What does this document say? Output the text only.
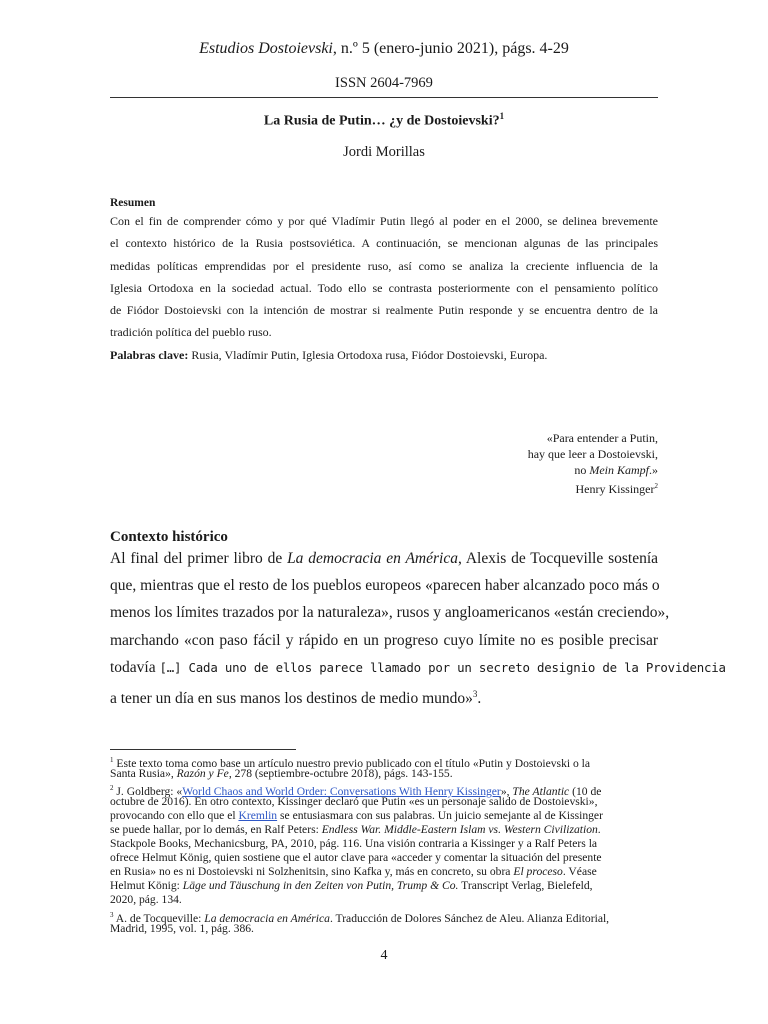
Estudios Dostoievski, n.º 5 (enero-junio 2021), págs. 4-29
ISSN 2604-7969
La Rusia de Putin… ¿y de Dostoievski?$^1$
Jordi Morillas
Resumen
Con el fin de comprender cómo y por qué Vladímir Putin llegó al poder en el 2000, se delinea brevemente
el contexto histórico de la Rusia postsoviética. A continuación, se mencionan algunas de las principales
medidas políticas emprendidas por el presidente ruso, así como se analiza la creciente influencia de la
Iglesia Ortodoxa en la sociedad actual. Todo ello se contrasta posteriormente con el pensamiento político
de Fiódor Dostoievski con la intención de mostrar si realmente Putin responde y se encuentra dentro de la
tradición política del pueblo ruso.
Palabras clave: Rusia, Vladímir Putin, Iglesia Ortodoxa rusa, Fiódor Dostoievski, Europa.
«Para entender a Putin,
hay que leer a Dostoievski,
no Mein Kampf.»
Henry Kissinger$^2$
Contexto histórico
Al final del primer libro de La democracia en América, Alexis de Tocqueville sostenía
que, mientras que el resto de los pueblos europeos «parecen haber alcanzado poco más o
menos los límites trazados por la naturaleza», rusos y angloamericanos «están creciendo»,
marchando «con paso fácil y rápido en un progreso cuyo límite no es posible precisar
todavía […] Cada uno de ellos parece llamado por un secreto designio de la Providencia
a tener un día en sus manos los destinos de medio mundo»$^3$.
$^1$ Este texto toma como base un artículo nuestro previo publicado con el título «Putin y Dostoievski o la
Santa Rusia», Razón y Fe, 278 (septiembre-octubre 2018), págs. 143-155.
$^2$ J. Goldberg: «World Chaos and World Order: Conversations With Henry Kissinger», The Atlantic (10 de
octubre de 2016). En otro contexto, Kissinger declaró que Putin «es un personaje salido de Dostoievski»,
provocando con ello que el Kremlin se entusiasmara con sus palabras. Un juicio semejante al de Kissinger
se puede hallar, por lo demás, en Ralf Peters: Endless War. Middle-Eastern Islam vs. Western Civilization.
Stackpole Books, Mechanicsburg, PA, 2010, pág. 116. Una visión contraria a Kissinger y a Ralf Peters la
ofrece Helmut König, quien sostiene que el autor clave para «acceder y comentar la situación del presente
en Rusia» no es ni Dostoievski ni Solzhenitsin, sino Kafka y, más en concreto, su obra El proceso. Véase
Helmut König: Läge und Täuschung in den Zeiten von Putin, Trump & Co. Transcript Verlag, Bielefeld,
2020, pág. 134.
$^3$ A. de Tocqueville: La democracia en América. Traducción de Dolores Sánchez de Aleu. Alianza Editorial,
Madrid, 1995, vol. 1, pág. 386.
4
